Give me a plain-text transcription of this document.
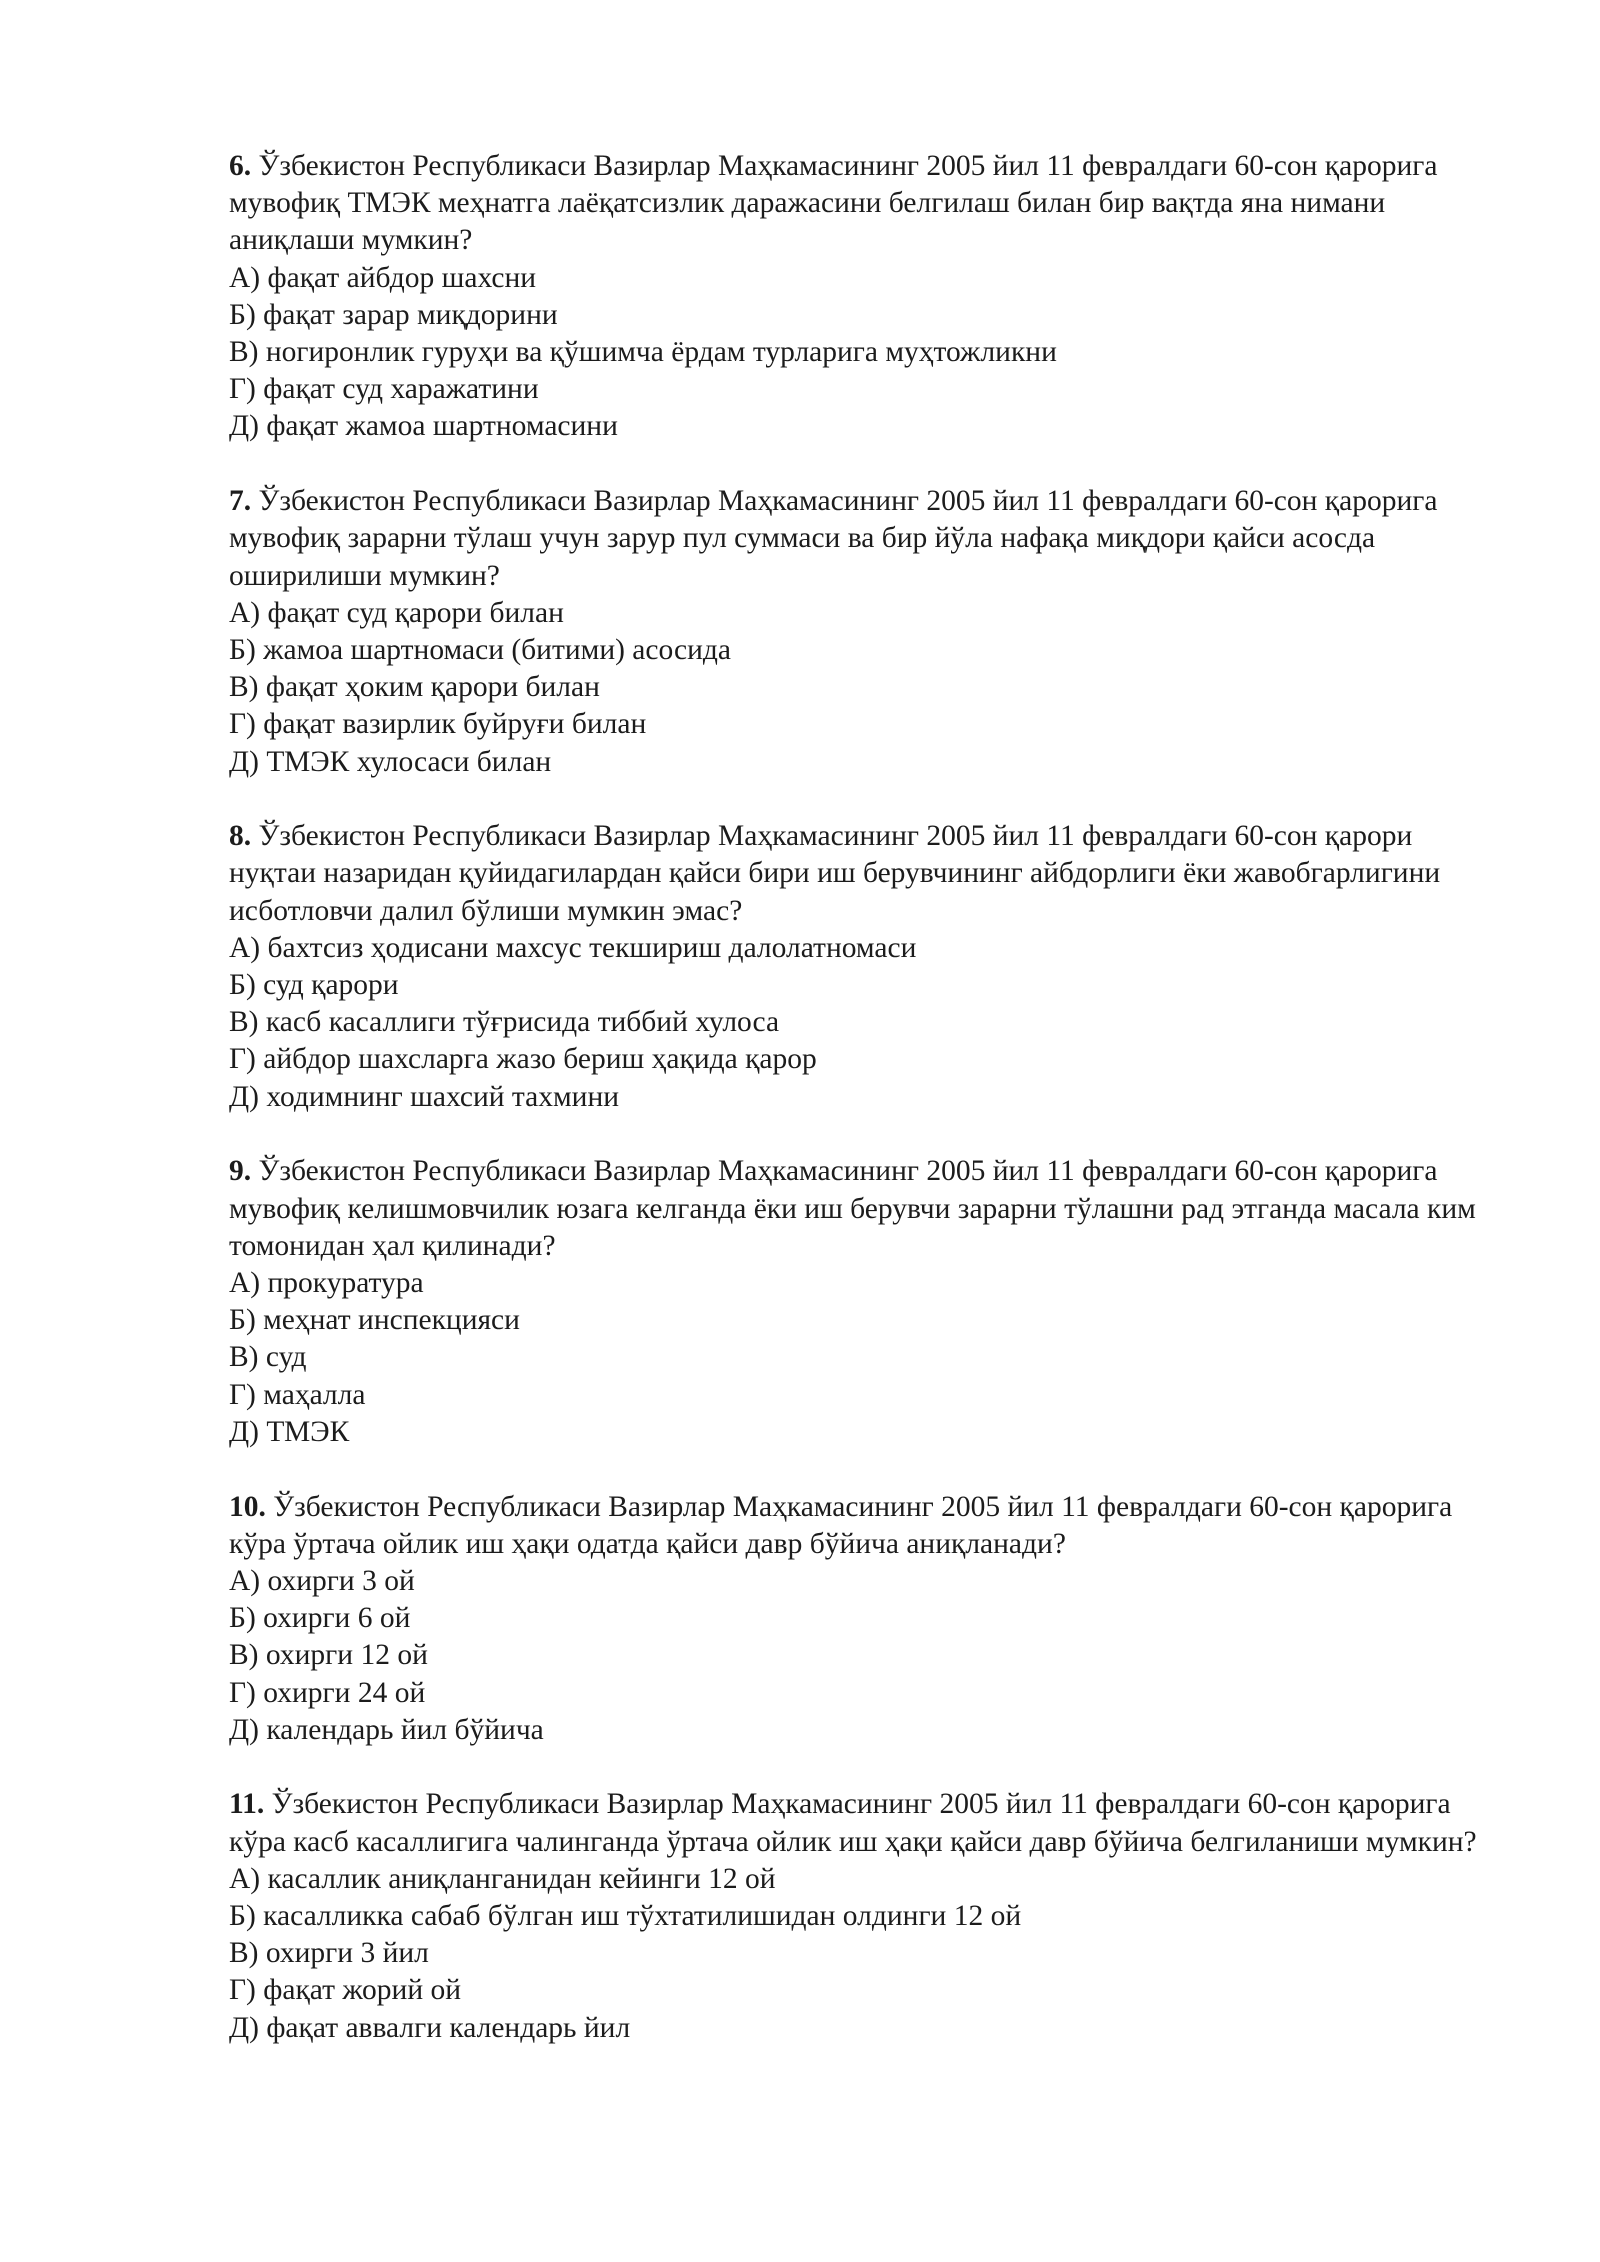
6. Ўзбекистон Республикаси Вазирлар Маҳкамасининг 2005 йил 11 февралдаги 60-сон қарорига мувофиқ ТМЭК меҳнатга лаёқатсизлик даражасини белгилаш билан бир вақтда яна нимани аниқлаши мумкин?

А) фақат айбдор шахсни
Б) фақат зарар миқдорини
В) ногиронлик гуруҳи ва қўшимча ёрдам турларига муҳтожликни
Г) фақат суд харажатини
Д) фақат жамоа шартномасини

7. Ўзбекистон Республикаси Вазирлар Маҳкамасининг 2005 йил 11 февралдаги 60-сон қарорига мувофиқ зарарни тўлаш учун зарур пул суммаси ва бир йўла нафақа миқдори қайси асосда оширилиши мумкин?

А) фақат суд қарори билан
Б) жамоа шартномаси (битими) асосида
В) фақат ҳоким қарори билан
Г) фақат вазирлик буйруғи билан
Д) ТМЭК хулосаси билан

8. Ўзбекистон Республикаси Вазирлар Маҳкамасининг 2005 йил 11 февралдаги 60-сон қарори нуқтаи назаридан қуйидагилардан қайси бири иш берувчининг айбдорлиги ёки жавобгарлигини исботловчи далил бўлиши мумкин эмас?

А) бахтсиз ҳодисани махсус текшириш далолатномаси
Б) суд қарори
В) касб касаллиги тўғрисида тиббий хулоса
Г) айбдор шахсларга жазо бериш ҳақида қарор
Д) ходимнинг шахсий тахмини

9. Ўзбекистон Республикаси Вазирлар Маҳкамасининг 2005 йил 11 февралдаги 60-сон қарорига мувофиқ келишмовчилик юзага келганда ёки иш берувчи зарарни тўлашни рад этганда масала ким томонидан ҳал қилинади?

А) прокуратура
Б) меҳнат инспекцияси
В) суд
Г) маҳалла
Д) ТМЭК

10. Ўзбекистон Республикаси Вазирлар Маҳкамасининг 2005 йил 11 февралдаги 60-сон қарорига кўра ўртача ойлик иш ҳақи одатда қайси давр бўйича аниқланади?

А) охирги 3 ой
Б) охирги 6 ой
В) охирги 12 ой
Г) охирги 24 ой
Д) календарь йил бўйича

11. Ўзбекистон Республикаси Вазирлар Маҳкамасининг 2005 йил 11 февралдаги 60-сон қарорига кўра касб касаллигига чалинганда ўртача ойлик иш ҳақи қайси давр бўйича белгиланиши мумкин?

А) касаллик аниқланганидан кейинги 12 ой
Б) касалликка сабаб бўлган иш тўхтатилишидан олдинги 12 ой
В) охирги 3 йил
Г) фақат жорий ой
Д) фақат аввалги календарь йил
